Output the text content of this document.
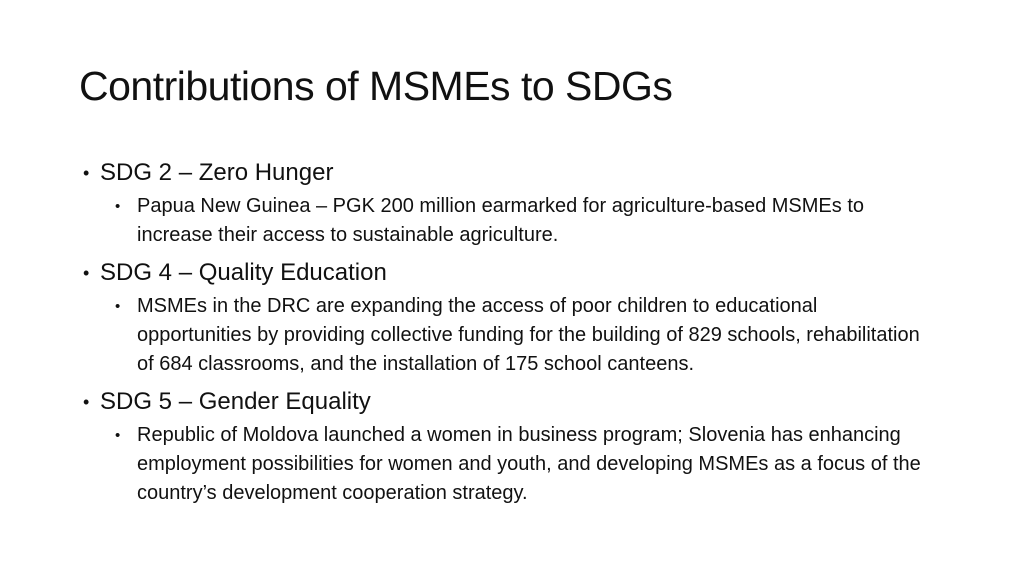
Contributions of MSMEs to SDGs
• SDG 2 – Zero Hunger
• Papua New Guinea – PGK 200 million earmarked for agriculture-based MSMEs to increase their access to sustainable agriculture.
• SDG 4 – Quality Education
• MSMEs in the DRC are expanding the access of poor children to educational opportunities by providing collective funding for the building of 829 schools, rehabilitation of 684 classrooms, and the installation of 175 school canteens.
• SDG 5 – Gender Equality
• Republic of Moldova launched a women in business program; Slovenia has enhancing employment possibilities for women and youth, and developing MSMEs as a focus of the country’s development cooperation strategy.
